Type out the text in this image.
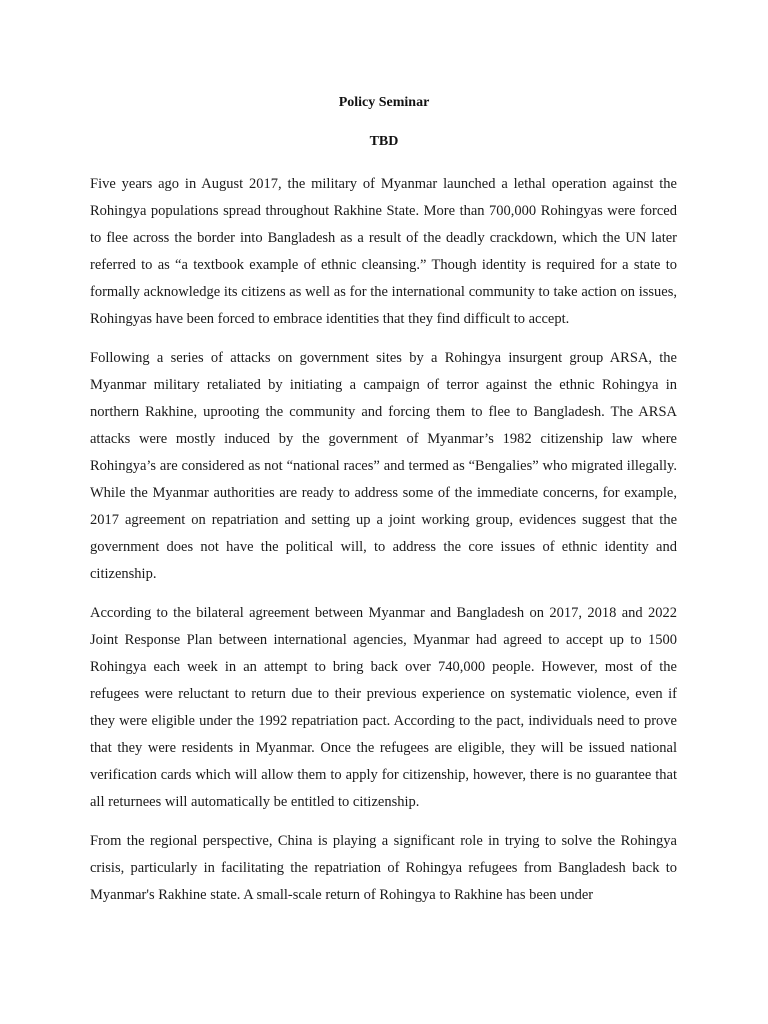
Policy Seminar
TBD

Five years ago in August 2017, the military of Myanmar launched a lethal operation against the Rohingya populations spread throughout Rakhine State. More than 700,000 Rohingyas were forced to flee across the border into Bangladesh as a result of the deadly crackdown, which the UN later referred to as “a textbook example of ethnic cleansing.” Though identity is required for a state to formally acknowledge its citizens as well as for the international community to take action on issues, Rohingyas have been forced to embrace identities that they find difficult to accept.

Following a series of attacks on government sites by a Rohingya insurgent group ARSA, the Myanmar military retaliated by initiating a campaign of terror against the ethnic Rohingya in northern Rakhine, uprooting the community and forcing them to flee to Bangladesh. The ARSA attacks were mostly induced by the government of Myanmar’s 1982 citizenship law where Rohingya’s are considered as not “national races” and termed as “Bengalies” who migrated illegally. While the Myanmar authorities are ready to address some of the immediate concerns, for example, 2017 agreement on repatriation and setting up a joint working group, evidences suggest that the government does not have the political will, to address the core issues of ethnic identity and citizenship.

According to the bilateral agreement between Myanmar and Bangladesh on 2017, 2018 and 2022 Joint Response Plan between international agencies, Myanmar had agreed to accept up to 1500 Rohingya each week in an attempt to bring back over 740,000 people. However, most of the refugees were reluctant to return due to their previous experience on systematic violence, even if they were eligible under the 1992 repatriation pact. According to the pact, individuals need to prove that they were residents in Myanmar. Once the refugees are eligible, they will be issued national verification cards which will allow them to apply for citizenship, however, there is no guarantee that all returnees will automatically be entitled to citizenship.

From the regional perspective, China is playing a significant role in trying to solve the Rohingya crisis, particularly in facilitating the repatriation of Rohingya refugees from Bangladesh back to Myanmar's Rakhine state. A small-scale return of Rohingya to Rakhine has been under
